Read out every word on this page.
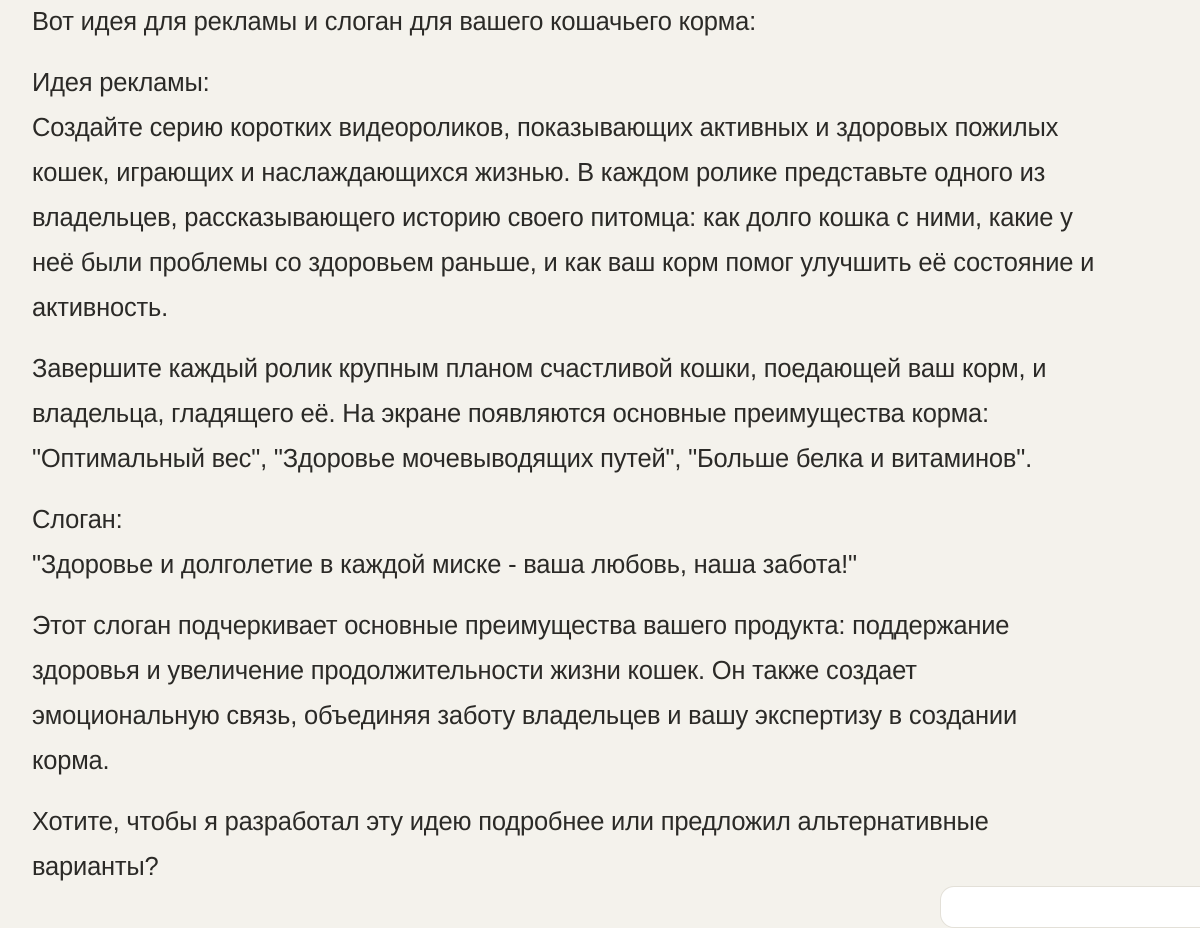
Вот идея для рекламы и слоган для вашего кошачьего корма:

Идея рекламы:

Создайте серию коротких видеороликов, показывающих активных и здоровых пожилых

кошек, играющих и наслаждающихся жизнью. В каждом ролике представьте одного из

владельцев, рассказывающего историю своего питомца: как долго кошка с ними, какие у

неё были проблемы со здоровьем раньше, и как ваш корм помог улучшить её состояние и

активность.

Завершите каждый ролик крупным планом счастливой кошки, поедающей ваш корм, и

владельца, гладящего её. На экране появляются основные преимущества корма:

"Оптимальный вес", "Здоровье мочевыводящих путей", "Больше белка и витаминов".

Слоган:

"Здоровье и долголетие в каждой миске - ваша любовь, наша забота!"

Этот слоган подчеркивает основные преимущества вашего продукта: поддержание

здоровья и увеличение продолжительности жизни кошек. Он также создает

эмоциональную связь, объединяя заботу владельцев и вашу экспертизу в создании

корма.

Хотите, чтобы я разработал эту идею подробнее или предложил альтернативные

варианты?
